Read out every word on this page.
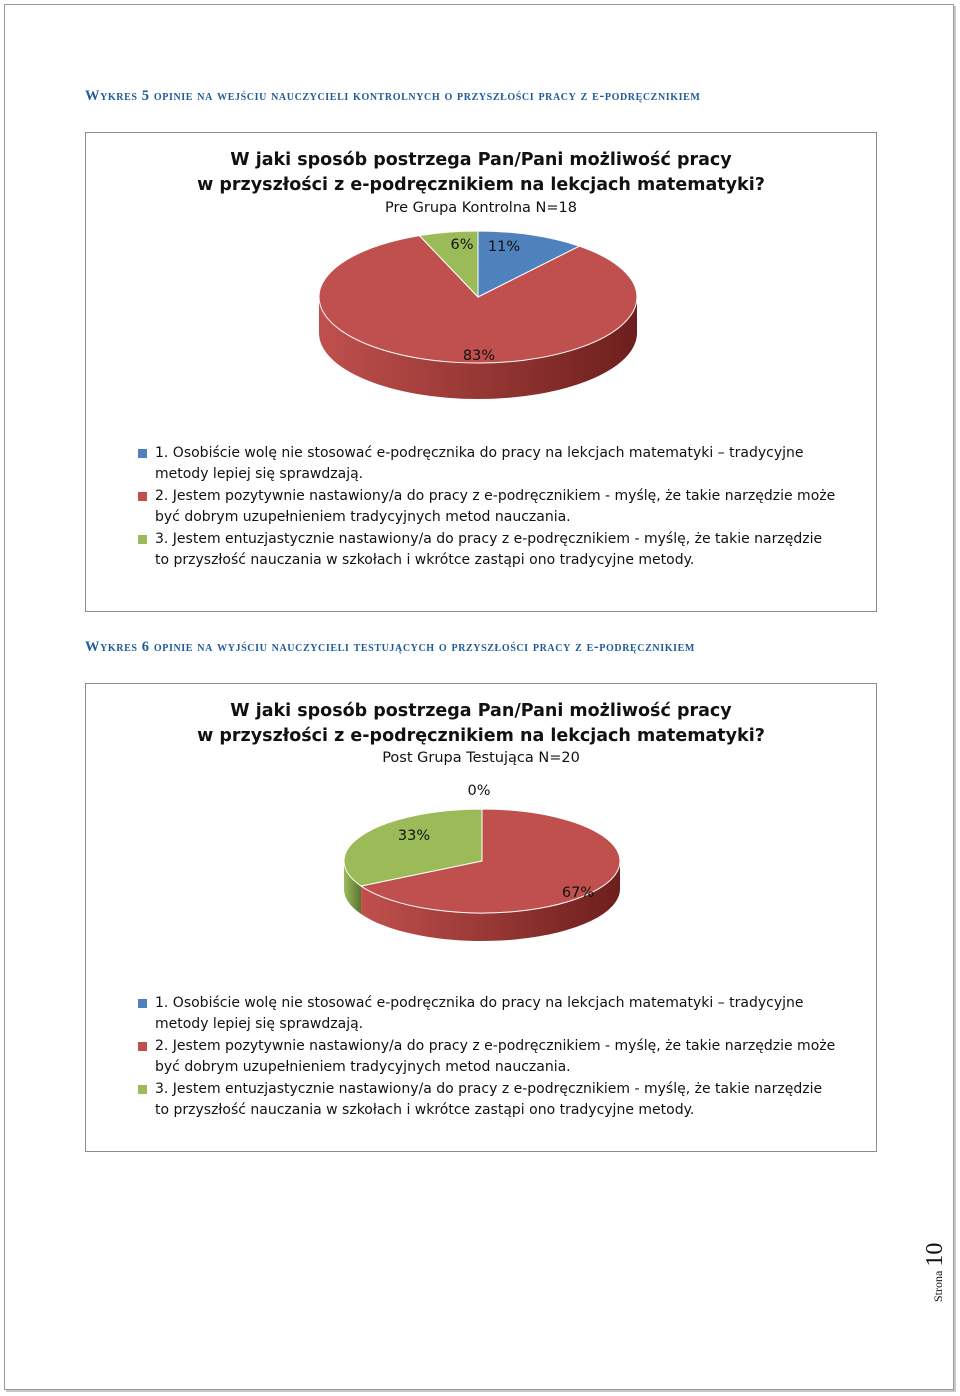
Wykres 5 opinie na wejściu nauczycieli kontrolnych o przyszłości pracy z e-podręcznikiem

W jaki sposób postrzega Pan/Pani możliwość pracy
w przyszłości z e-podręcznikiem na lekcjach matematyki?
Pre Grupa Kontrolna N=18
11%
83%
6%
1. Osobiście wolę nie stosować e-podręcznika do pracy na lekcjach matematyki – tradycyjne metody lepiej się sprawdzają.
2. Jestem pozytywnie nastawiony/a do pracy z e-podręcznikiem - myślę, że takie narzędzie może być dobrym uzupełnieniem tradycyjnych metod nauczania.
3. Jestem entuzjastycznie nastawiony/a do pracy z e-podręcznikiem - myślę, że takie narzędzie to przyszłość nauczania w szkołach i wkrótce zastąpi ono tradycyjne metody.

Wykres 6 opinie na wyjściu nauczycieli testujących o przyszłości pracy z e-podręcznikiem

W jaki sposób postrzega Pan/Pani możliwość pracy
w przyszłości z e-podręcznikiem na lekcjach matematyki?
Post Grupa Testująca N=20
0%
67%
33%
1. Osobiście wolę nie stosować e-podręcznika do pracy na lekcjach matematyki – tradycyjne metody lepiej się sprawdzają.
2. Jestem pozytywnie nastawiony/a do pracy z e-podręcznikiem - myślę, że takie narzędzie może być dobrym uzupełnieniem tradycyjnych metod nauczania.
3. Jestem entuzjastycznie nastawiony/a do pracy z e-podręcznikiem - myślę, że takie narzędzie to przyszłość nauczania w szkołach i wkrótce zastąpi ono tradycyjne metody.
Strona 10
